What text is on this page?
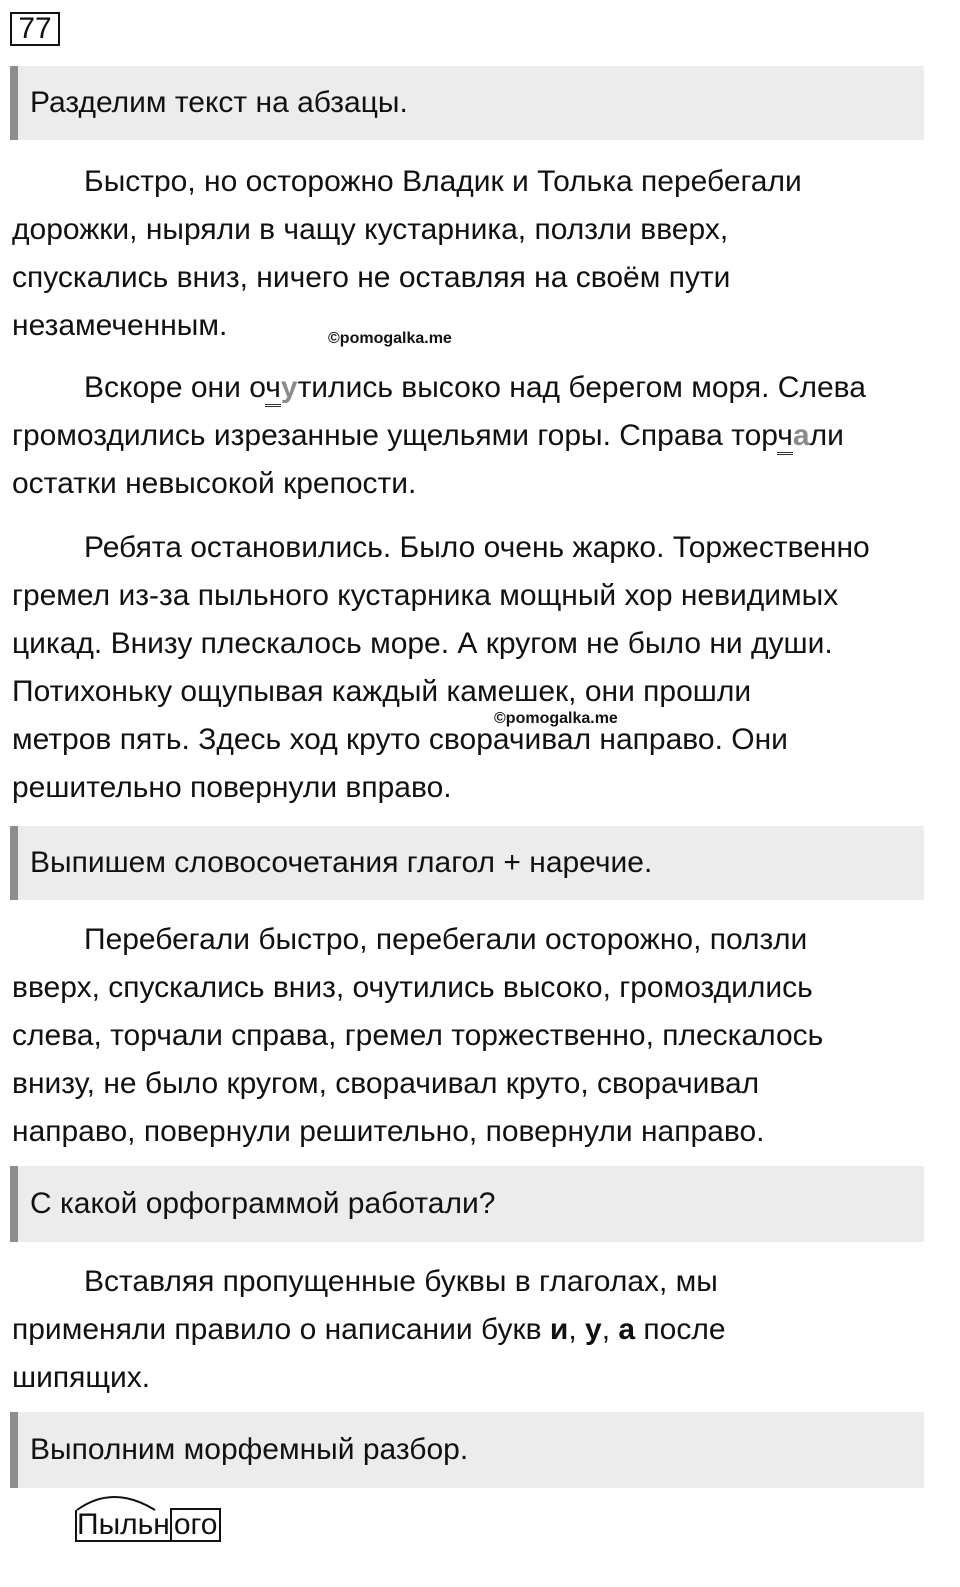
77
Разделим текст на абзацы.
Быстро, но осторожно Владик и Толька перебегали
дорожки, ныряли в чащу кустарника, ползли вверх,
спускались вниз, ничего не оставляя на своём пути
незамеченным.	©pomogalka.me
Вскоре они очутились высоко над берегом моря. Слева
громоздились изрезанные ущельями горы. Справа торчали
остатки невысокой крепости.
Ребята остановились. Было очень жарко. Торжественно
гремел из-за пыльного кустарника мощный хор невидимых
цикад. Внизу плескалось море. А кругом не было ни души.
Потихоньку ощупывая каждый камешек, они прошли
метров пять. Здесь ход круто сворачивал направо. Они
решительно повернули вправо.
©pomogalka.me
Выпишем словосочетания глагол + наречие.
Перебегали быстро, перебегали осторожно, ползли
вверх, спускались вниз, очутились высоко, громоздились
слева, торчали справа, гремел торжественно, плескалось
внизу, не было кругом, сворачивал круто, сворачивал
направо, повернули решительно, повернули направо.
С какой орфограммой работали?
Вставляя пропущенные буквы в глаголах, мы
применяли правило о написании букв и, у, а после
шипящих.
Выполним морфемный разбор.
Пыльн ого
